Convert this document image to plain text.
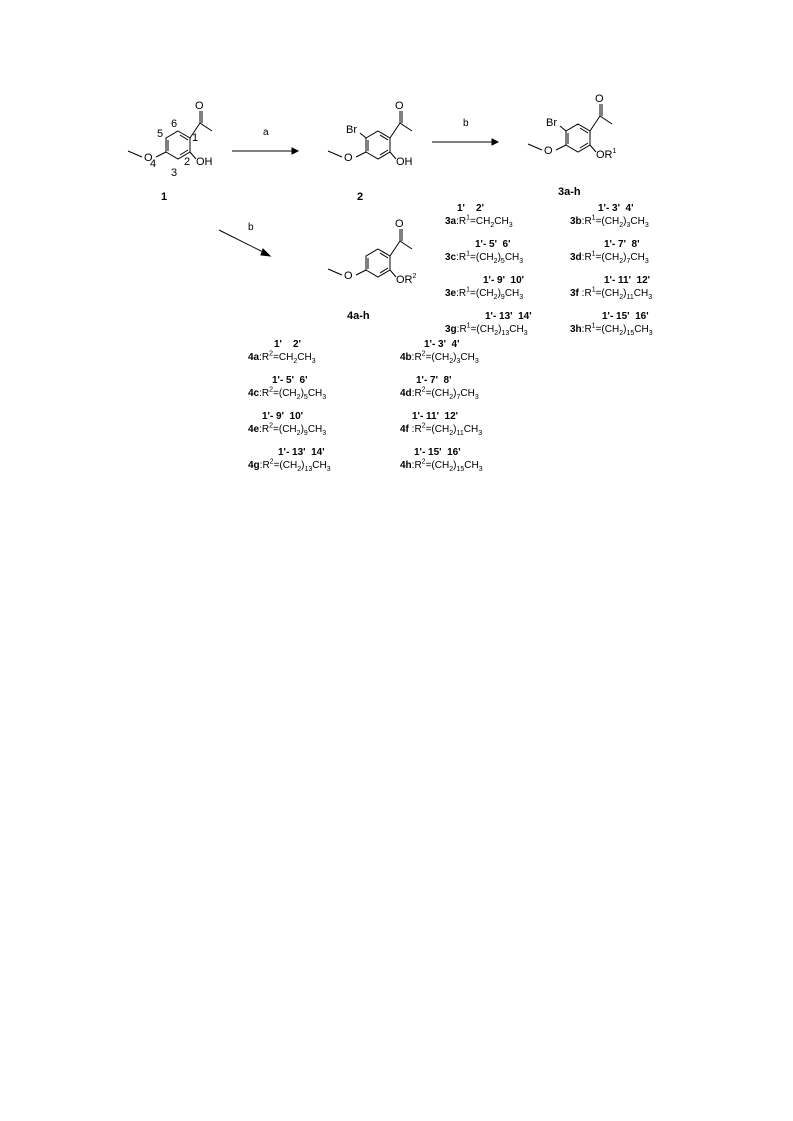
O
OH
O
1
2
3
4
5
6
1
a	Br
O
OH
O
2
b	Br
O
O	$OR^1$
3a-h
b	O
O	$OR^2$
4a-h
1'    2'
$3a:R^1=CH_2CH_3$
1'- 3'  4'
$3b:R^1=(CH_2)_3CH_3$
1'- 5'  6'
$3c:R^1=(CH_2)_5CH_3$
1'- 7'  8'
$3d:R^1=(CH_2)_7CH_3$
1'- 9'  10'
$3e:R^1=(CH_2)_9CH_3$
1'- 11'  12'
3f $:R^1=(CH_2)_{11}CH_3$
1'- 13'  14'
$3g:R^1=(CH_2)_{13}CH_3$
1'- 15'  16'
$3h:R^1=(CH_2)_{15}CH_3$
1'    2'
$4a:R^2=CH_2CH_3$
1'- 3'  4'
$4b:R^2=(CH_2)_3CH_3$
1'- 5'  6'
$4c:R^2=(CH_2)_5CH_3$
1'- 7'  8'
$4d:R^2=(CH_2)_7CH_3$
1'- 9'  10'
$4e:R^2=(CH_2)_9CH_3$
1'- 11'  12'
4f $:R^2=(CH_2)_{11}CH_3$
1'- 13'  14'
$4g:R^2=(CH_2)_{13}CH_3$
1'- 15'  16'
$4h:R^2=(CH_2)_{15}CH_3$
